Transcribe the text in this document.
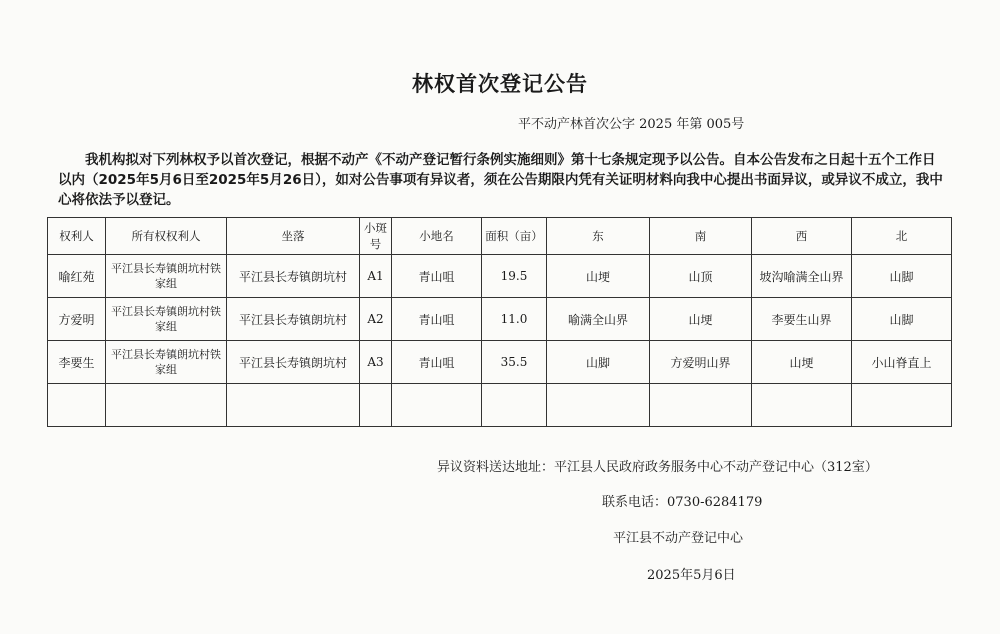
林权首次登记公告
平不动产林首次公字 2025 年第 005号

我机构拟对下列林权予以首次登记，根据不动产《不动产登记暂行条例实施细则》第十七条规定现予以公告。自本公告发布之日起十五个工作日以内（2025年5月6日至2025年5月26日），如对公告事项有异议者，须在公告期限内凭有关证明材料向我中心提出书面异议，或异议不成立，我中心将依法予以登记。

权利人	所有权权利人	坐落	小斑号	小地名	面积（亩）	东	南	西	北
喻红苑	平江县长寿镇朗坑村铁家组	平江县长寿镇朗坑村	A1	青山咀	19.5	山埂	山顶	坡沟喻满全山界	山脚
方爱明	平江县长寿镇朗坑村铁家组	平江县长寿镇朗坑村	A2	青山咀	11.0	喻满全山界	山埂	李要生山界	山脚
李要生	平江县长寿镇朗坑村铁家组	平江县长寿镇朗坑村	A3	青山咀	35.5	山脚	方爱明山界	山埂	小山脊直上

异议资料送达地址：平江县人民政府政务服务中心不动产登记中心（312室）
联系电话：0730-6284179
平江县不动产登记中心
2025年5月6日
